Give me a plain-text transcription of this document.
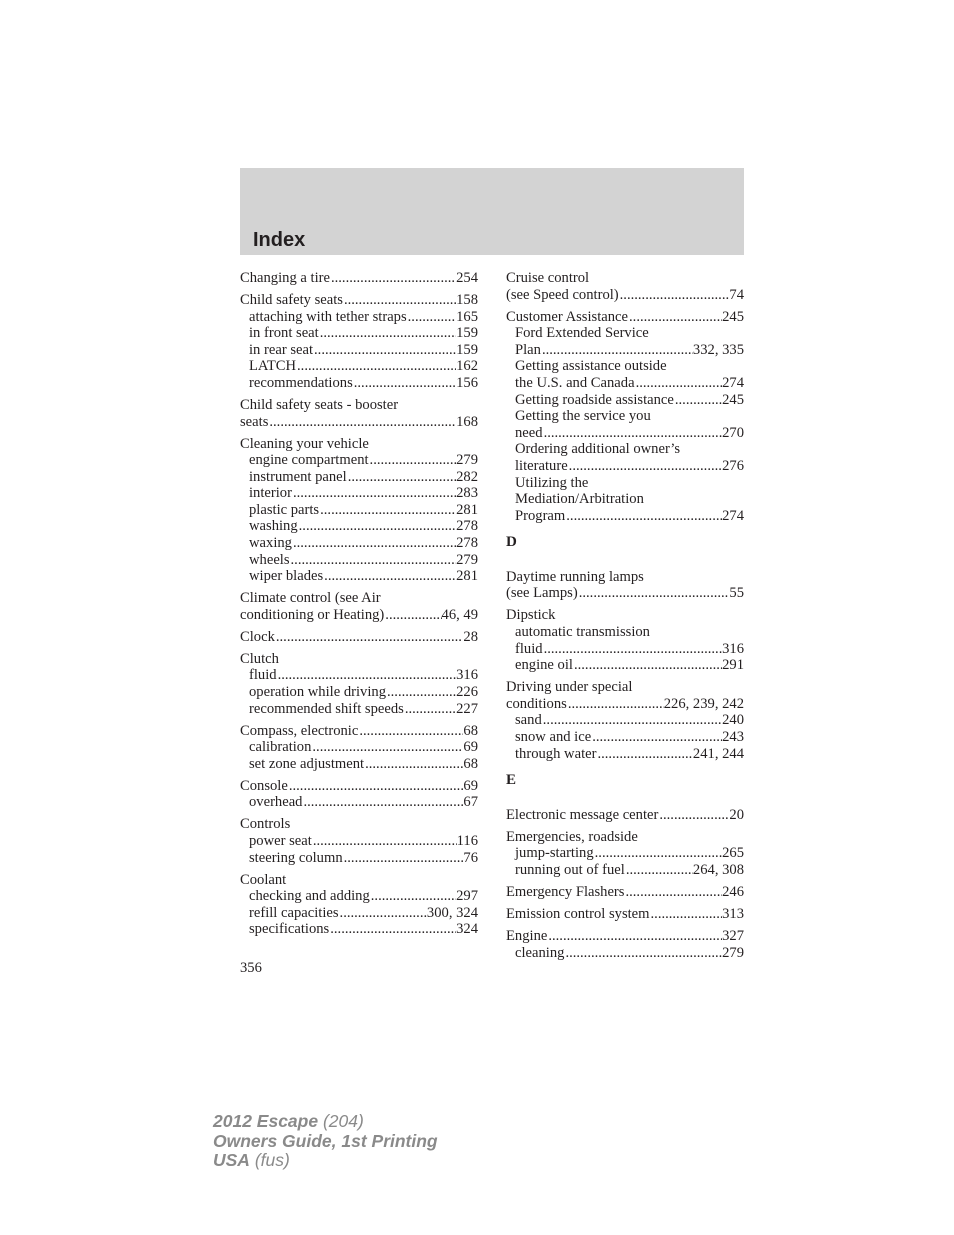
Index
Changing a tire .....	254
Child safety seats .....	158
attaching with tether straps .....	165
in front seat .....	159
in rear seat .....	159
LATCH .....	162
recommendations .....	156
Child safety seats - booster
seats .....	168
Cleaning your vehicle
engine compartment .....	279
instrument panel .....	282
interior .....	283
plastic parts .....	281
washing .....	278
waxing .....	278
wheels .....	279
wiper blades .....	281
Climate control (see Air
conditioning or Heating) .....	46, 49
Clock .....	28
Clutch
fluid .....	316
operation while driving .....	226
recommended shift speeds .....	227
Compass, electronic .....	68
calibration .....	69
set zone adjustment .....	68
Console .....	69
overhead .....	67
Controls
power seat .....	116
steering column .....	76
Coolant
checking and adding .....	297
refill capacities .....	300, 324
specifications .....	324
Cruise control
(see Speed control) .....	74
Customer Assistance .....	245
Ford Extended Service
Plan .....	332, 335
Getting assistance outside
the U.S. and Canada .....	274
Getting roadside assistance .....	245
Getting the service you
need .....	270
Ordering additional owner’s
literature .....	276
Utilizing the
Mediation/Arbitration
Program .....	274
D
Daytime running lamps
(see Lamps) .....	55
Dipstick
automatic transmission
fluid .....	316
engine oil .....	291
Driving under special
conditions .....	226, 239, 242
sand .....	240
snow and ice .....	243
through water .....	241, 244
E
Electronic message center .....	20
Emergencies, roadside
jump-starting .....	265
running out of fuel .....	264, 308
Emergency Flashers .....	246
Emission control system .....	313
Engine .....	327
cleaning .....	279
356
2012 Escape (204)
Owners Guide, 1st Printing
USA (fus)
